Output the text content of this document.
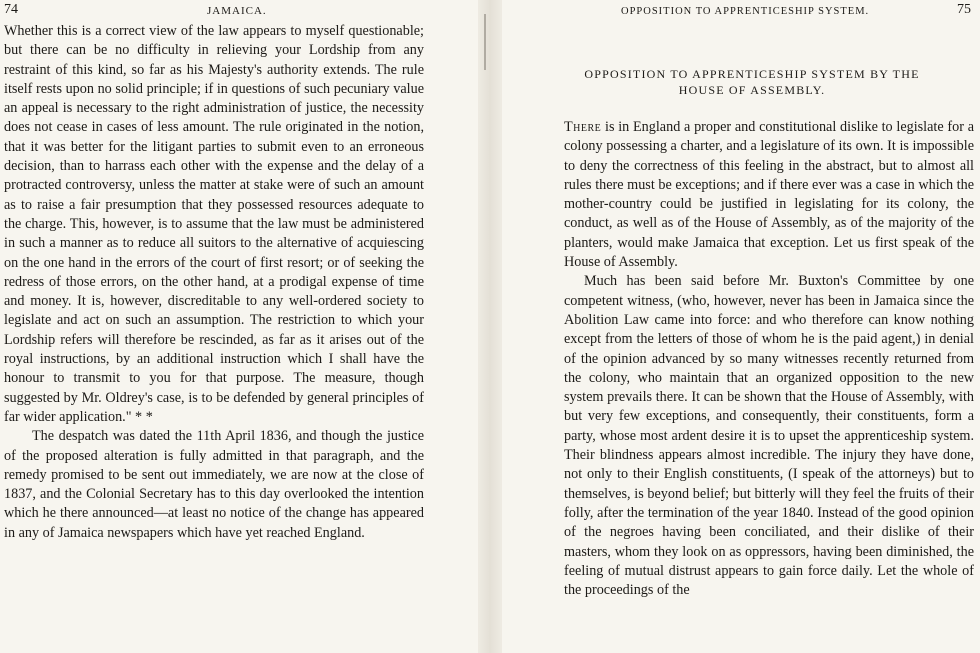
74	JAMAICA.

Whether this is a correct view of the law appears to myself questionable; but there can be no difficulty in relieving your Lordship from any restraint of this kind, so far as his Majesty's authority extends. The rule itself rests upon no solid principle; if in questions of such pecuniary value an appeal is necessary to the right administration of justice, the necessity does not cease in cases of less amount. The rule originated in the notion, that it was better for the litigant parties to submit even to an erroneous decision, than to harrass each other with the expense and the delay of a protracted controversy, unless the matter at stake were of such an amount as to raise a fair presumption that they possessed resources adequate to the charge. This, however, is to assume that the law must be administered in such a manner as to reduce all suitors to the alternative of acquiescing on the one hand in the errors of the court of first resort; or of seeking the redress of those errors, on the other hand, at a prodigal expense of time and money. It is, however, discreditable to any well-ordered society to legislate and act on such an assumption. The restriction to which your Lordship refers will therefore be rescinded, as far as it arises out of the royal instructions, by an additional instruction which I shall have the honour to transmit to you for that purpose. The measure, though suggested by Mr. Oldrey's case, is to be defended by general principles of far wider application." * *

The despatch was dated the 11th April 1836, and though the justice of the proposed alteration is fully admitted in that paragraph, and the remedy promised to be sent out immediately, we are now at the close of 1837, and the Colonial Secretary has to this day overlooked the intention which he there announced—at least no notice of the change has appeared in any of Jamaica newspapers which have yet reached England.

OPPOSITION TO APPRENTICESHIP SYSTEM.	75
OPPOSITION TO APPRENTICESHIP SYSTEM BY THE HOUSE OF ASSEMBLY.

There is in England a proper and constitutional dislike to legislate for a colony possessing a charter, and a legislature of its own. It is impossible to deny the correctness of this feeling in the abstract, but to almost all rules there must be exceptions; and if there ever was a case in which the mother-country could be justified in legislating for its colony, the conduct, as well as of the House of Assembly, as of the majority of the planters, would make Jamaica that exception. Let us first speak of the House of Assembly.

Much has been said before Mr. Buxton's Committee by one competent witness, (who, however, never has been in Jamaica since the Abolition Law came into force: and who therefore can know nothing except from the letters of those of whom he is the paid agent,) in denial of the opinion advanced by so many witnesses recently returned from the colony, who maintain that an organized opposition to the new system prevails there. It can be shown that the House of Assembly, with but very few exceptions, and consequently, their constituents, form a party, whose most ardent desire it is to upset the apprenticeship system. Their blindness appears almost incredible. The injury they have done, not only to their English constituents, (I speak of the attorneys) but to themselves, is beyond belief; but bitterly will they feel the fruits of their folly, after the termination of the year 1840. Instead of the good opinion of the negroes having been conciliated, and their dislike of their masters, whom they look on as oppressors, having been diminished, the feeling of mutual distrust appears to gain force daily. Let the whole of the proceedings of the
